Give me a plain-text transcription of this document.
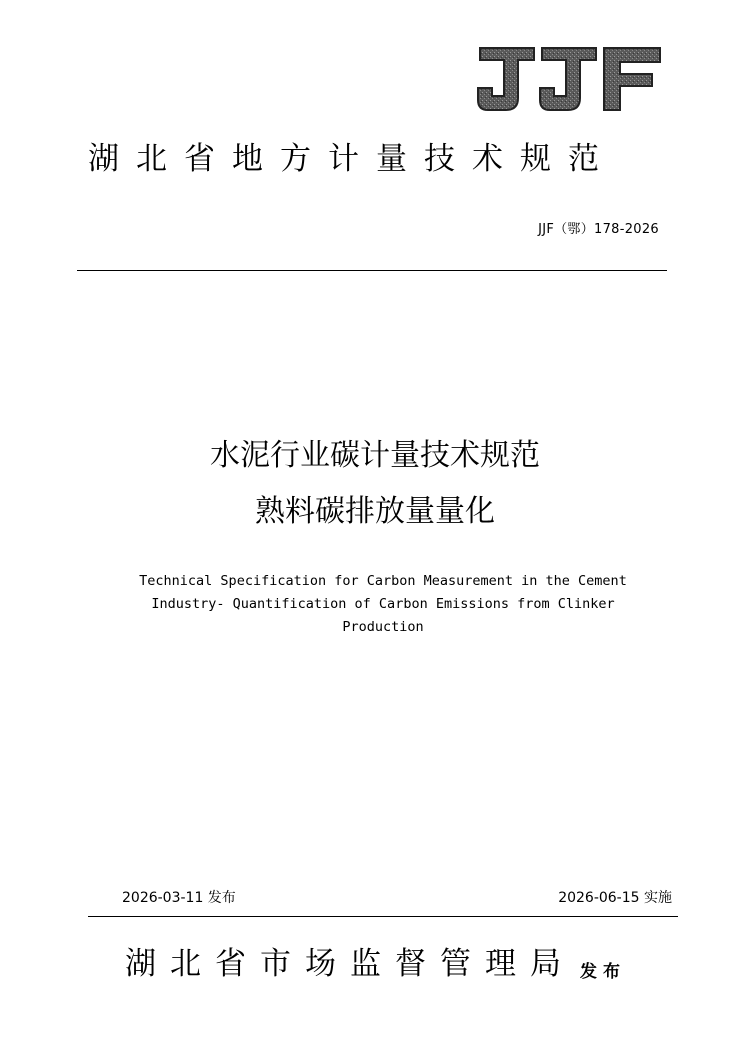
湖北省地方计量技术规范
JJF（鄂）178-2026
水泥行业碳计量技术规范
熟料碳排放量量化
Technical Specification for Carbon Measurement in the Cement
Industry- Quantification of Carbon Emissions from Clinker
Production
2026-03-11 发布	2026-06-15 实施
湖北省市场监督管理局 发布
